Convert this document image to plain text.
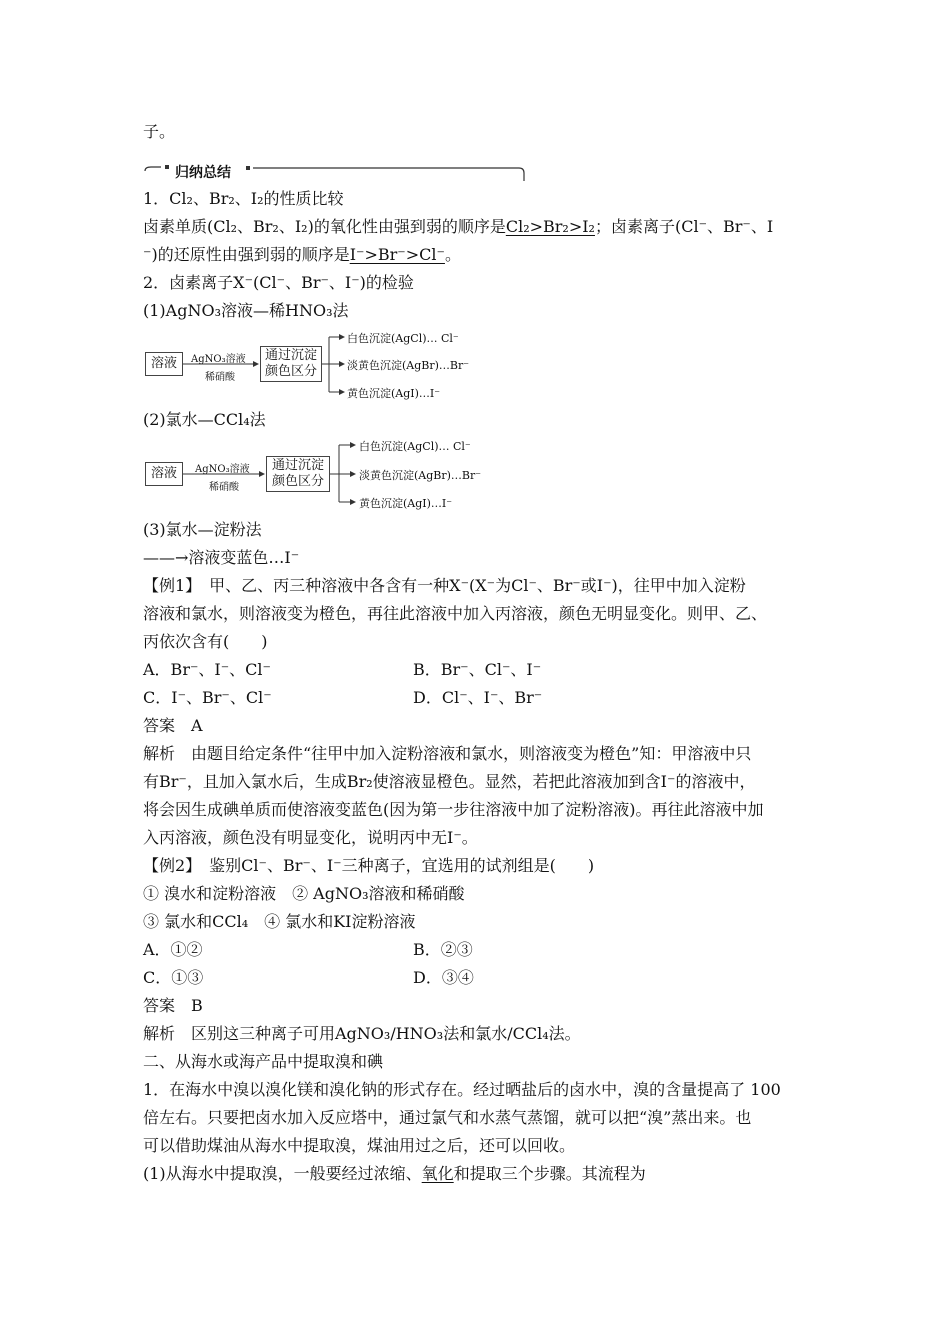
子。
归纳总结
1．Cl₂、Br₂、I₂的性质比较
卤素单质(Cl₂、Br₂、I₂)的氧化性由强到弱的顺序是Cl₂>Br₂>I₂；卤素离子(Cl⁻、Br⁻、I
⁻)的还原性由强到弱的顺序是I⁻>Br⁻>Cl⁻。
2．卤素离子X⁻(Cl⁻、Br⁻、I⁻)的检验
(1)AgNO₃溶液—稀HNO₃法
溶液	AgNO₃溶液
稀硝酸
通过沉淀颜色区分
白色沉淀(AgCl)… Cl⁻
淡黄色沉淀(AgBr)…Br⁻
黄色沉淀(AgI)…I⁻
(2)氯水—CCl₄法
溶液	AgNO₃溶液
稀硝酸
通过沉淀颜色区分
白色沉淀(AgCl)… Cl⁻
淡黄色沉淀(AgBr)…Br⁻
黄色沉淀(AgI)…I⁻
(3)氯水—淀粉法
——→溶液变蓝色…I⁻
【例1】　甲、乙、丙三种溶液中各含有一种X⁻(X⁻为Cl⁻、Br⁻或I⁻)，往甲中加入淀粉
溶液和氯水，则溶液变为橙色，再往此溶液中加入丙溶液，颜色无明显变化。则甲、乙、
丙依次含有(　　)
A．Br⁻、I⁻、Cl⁻	B．Br⁻、Cl⁻、I⁻
C．I⁻、Br⁻、Cl⁻	D．Cl⁻、I⁻、Br⁻
答案　A
解析　由题目给定条件“往甲中加入淀粉溶液和氯水，则溶液变为橙色”知：甲溶液中只
有Br⁻，且加入氯水后，生成Br₂使溶液显橙色。显然，若把此溶液加到含I⁻的溶液中，
将会因生成碘单质而使溶液变蓝色(因为第一步往溶液中加了淀粉溶液)。再往此溶液中加
入丙溶液，颜色没有明显变化，说明丙中无I⁻。
【例2】　鉴别Cl⁻、Br⁻、I⁻三种离子，宜选用的试剂组是(　　)
① 溴水和淀粉溶液　② AgNO₃溶液和稀硝酸
③ 氯水和CCl₄　④ 氯水和KI淀粉溶液
A．①②	B．②③
C．①③	D．③④
答案　B
解析　区别这三种离子可用AgNO₃/HNO₃法和氯水/CCl₄法。
二、从海水或海产品中提取溴和碘
1．在海水中溴以溴化镁和溴化钠的形式存在。经过晒盐后的卤水中，溴的含量提高了 100
倍左右。只要把卤水加入反应塔中，通过氯气和水蒸气蒸馏，就可以把“溴”蒸出来。也
可以借助煤油从海水中提取溴，煤油用过之后，还可以回收。
(1)从海水中提取溴，一般要经过浓缩、氧化和提取三个步骤。其流程为
